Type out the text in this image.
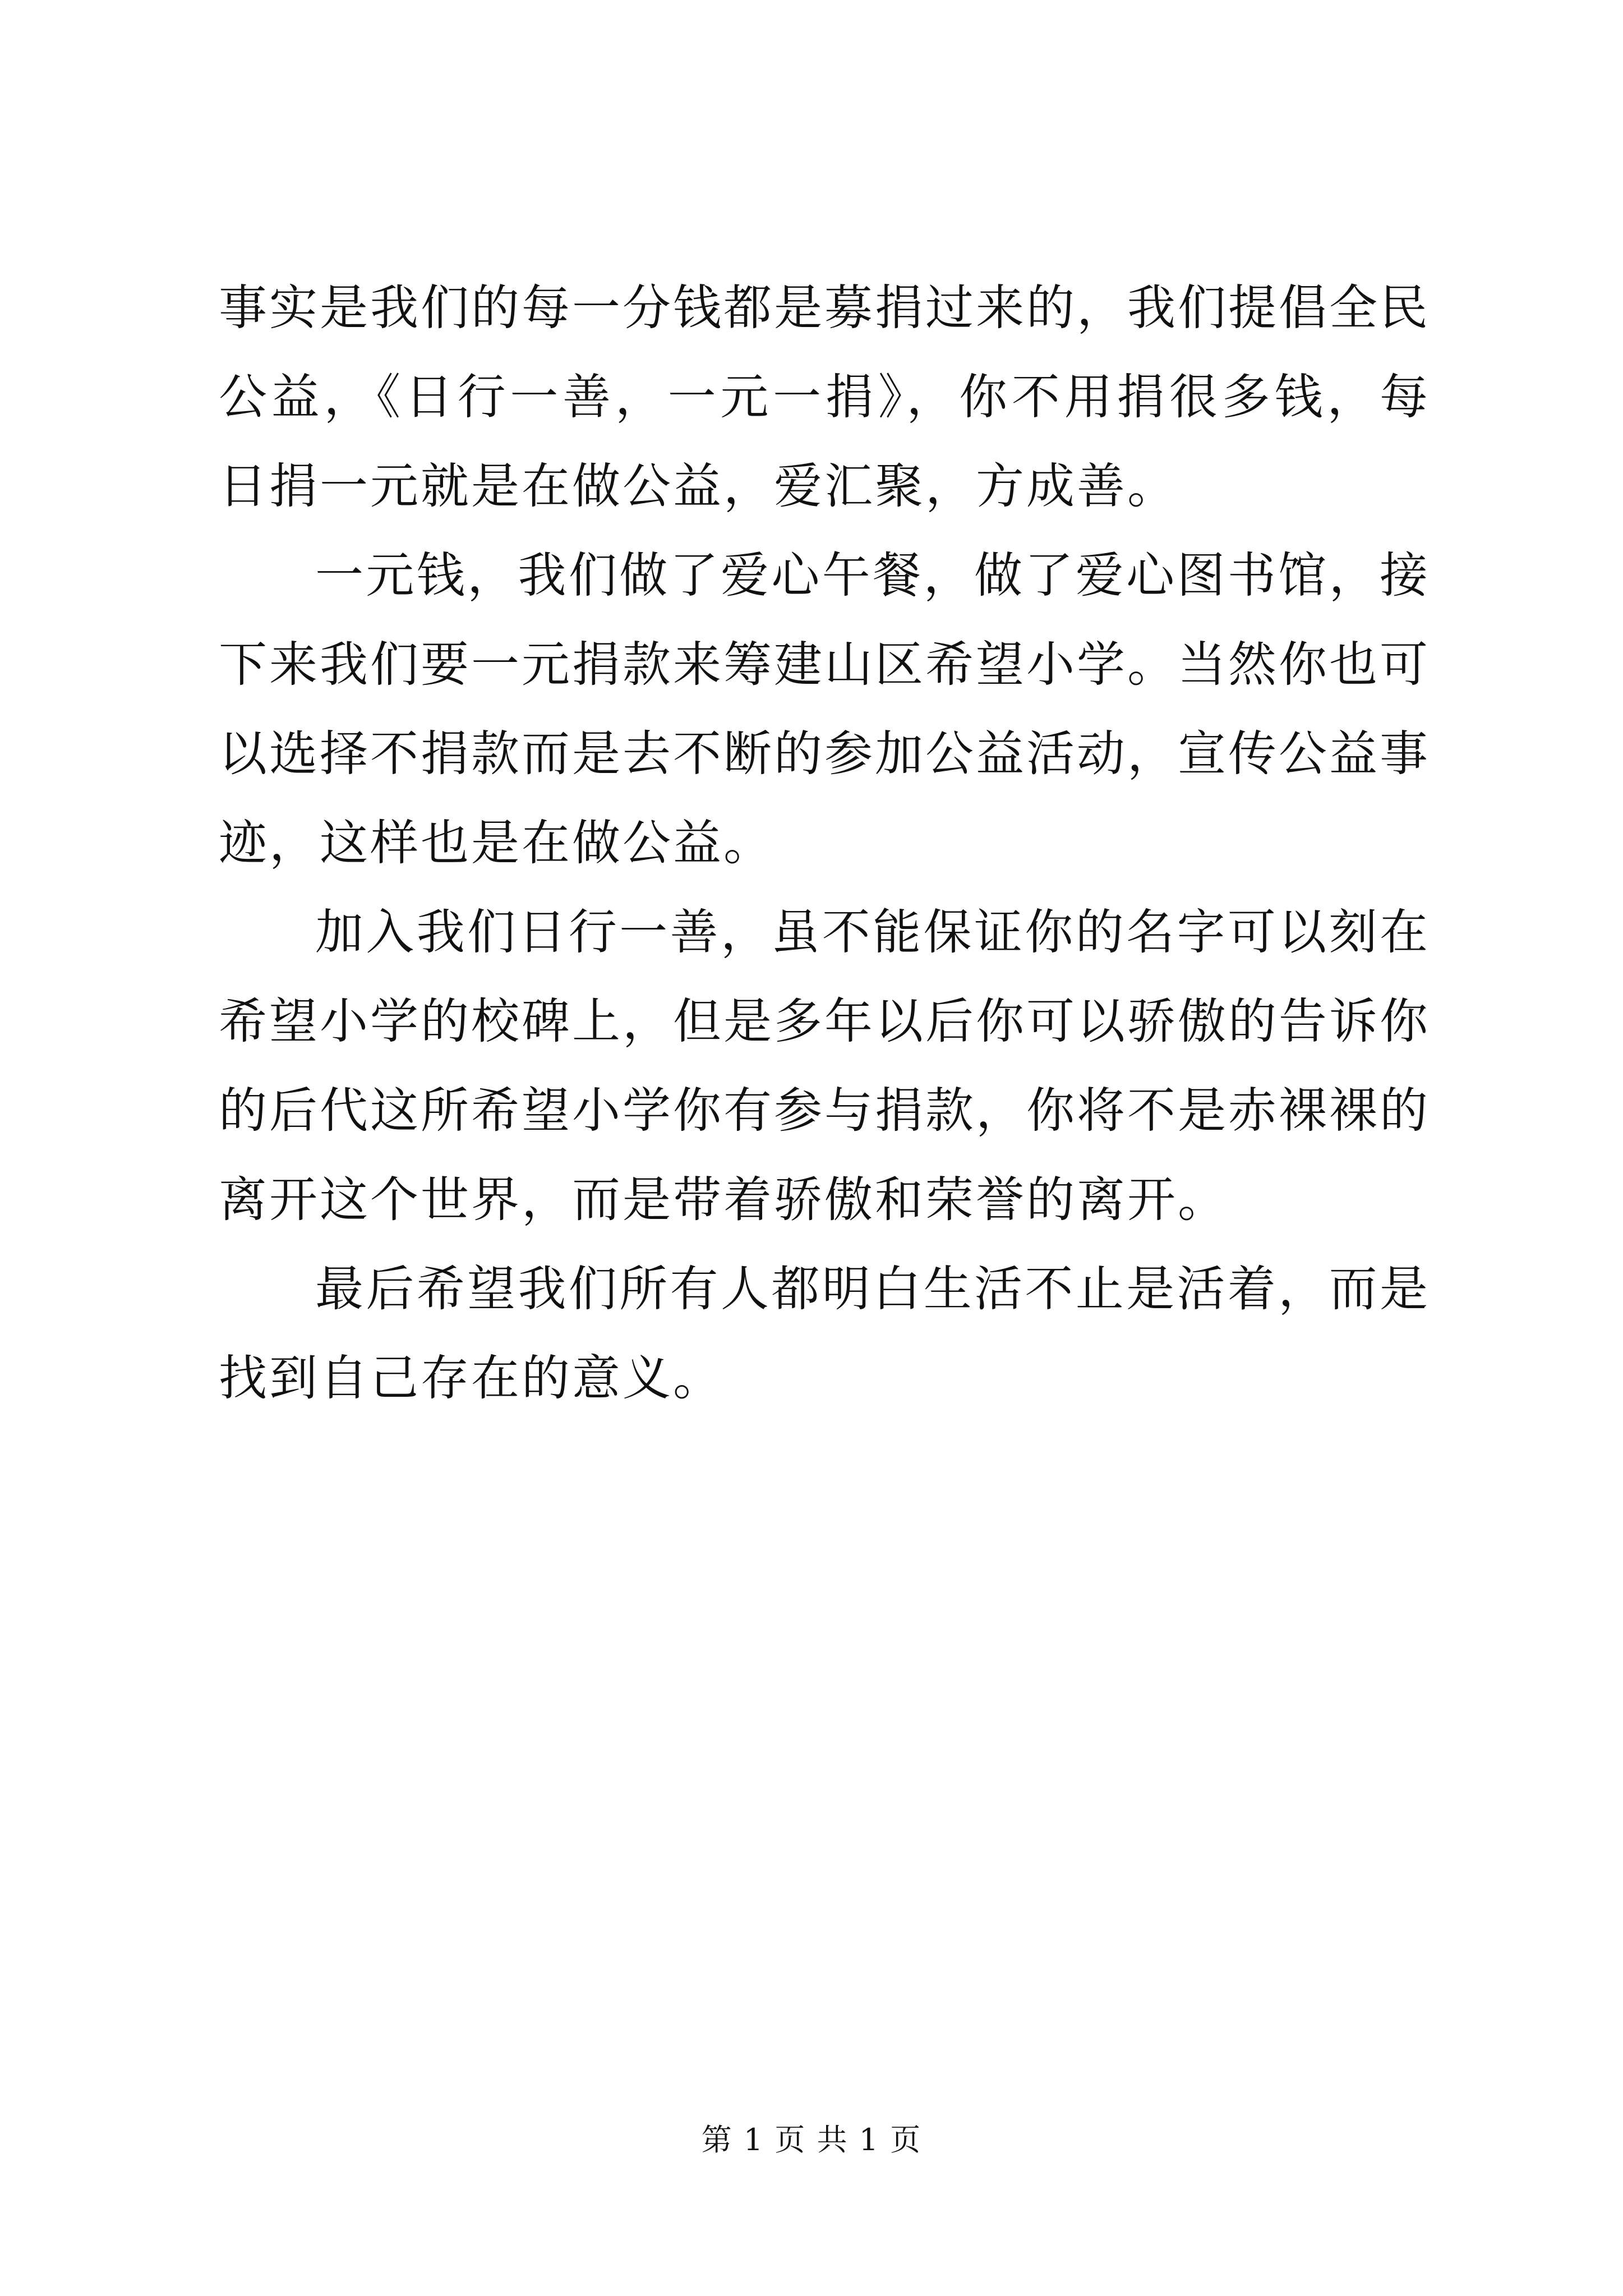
事实是我们的每一分钱都是募捐过来的，我们提倡全民公益，《日行一善，一元一捐》，你不用捐很多钱，每日捐一元就是在做公益，爱汇聚，方成善。

一元钱，我们做了爱心午餐，做了爱心图书馆，接下来我们要一元捐款来筹建山区希望小学。当然你也可以选择不捐款而是去不断的参加公益活动，宣传公益事迹，这样也是在做公益。

加入我们日行一善，虽不能保证你的名字可以刻在希望小学的校碑上，但是多年以后你可以骄傲的告诉你的后代这所希望小学你有参与捐款，你将不是赤裸裸的离开这个世界，而是带着骄傲和荣誉的离开。

最后希望我们所有人都明白生活不止是活着，而是找到自己存在的意义。

第 1 页 共 1 页
